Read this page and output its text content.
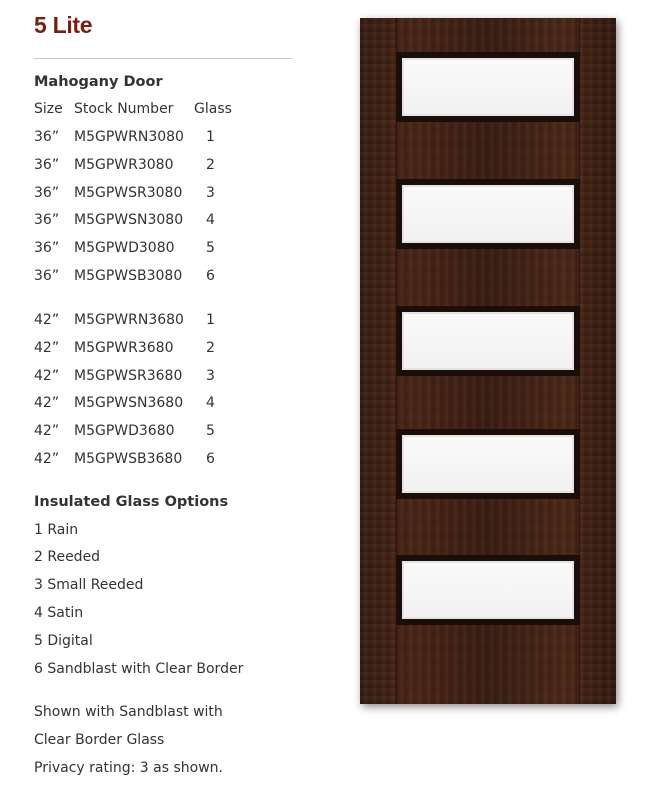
5 Lite
Mahogany Door
Size Stock Number Glass
36” M5GPWRN3080 1
36” M5GPWR3080 2
36” M5GPWSR3080 3
36” M5GPWSN3080 4
36” M5GPWD3080 5
36” M5GPWSB3080 6
42” M5GPWRN3680 1
42” M5GPWR3680 2
42” M5GPWSR3680 3
42” M5GPWSN3680 4
42” M5GPWD3680 5
42” M5GPWSB3680 6
Insulated Glass Options
1 Rain
2 Reeded
3 Small Reeded
4 Satin
5 Digital
6 Sandblast with Clear Border
Shown with Sandblast with
Clear Border Glass
Privacy rating: 3 as shown.
